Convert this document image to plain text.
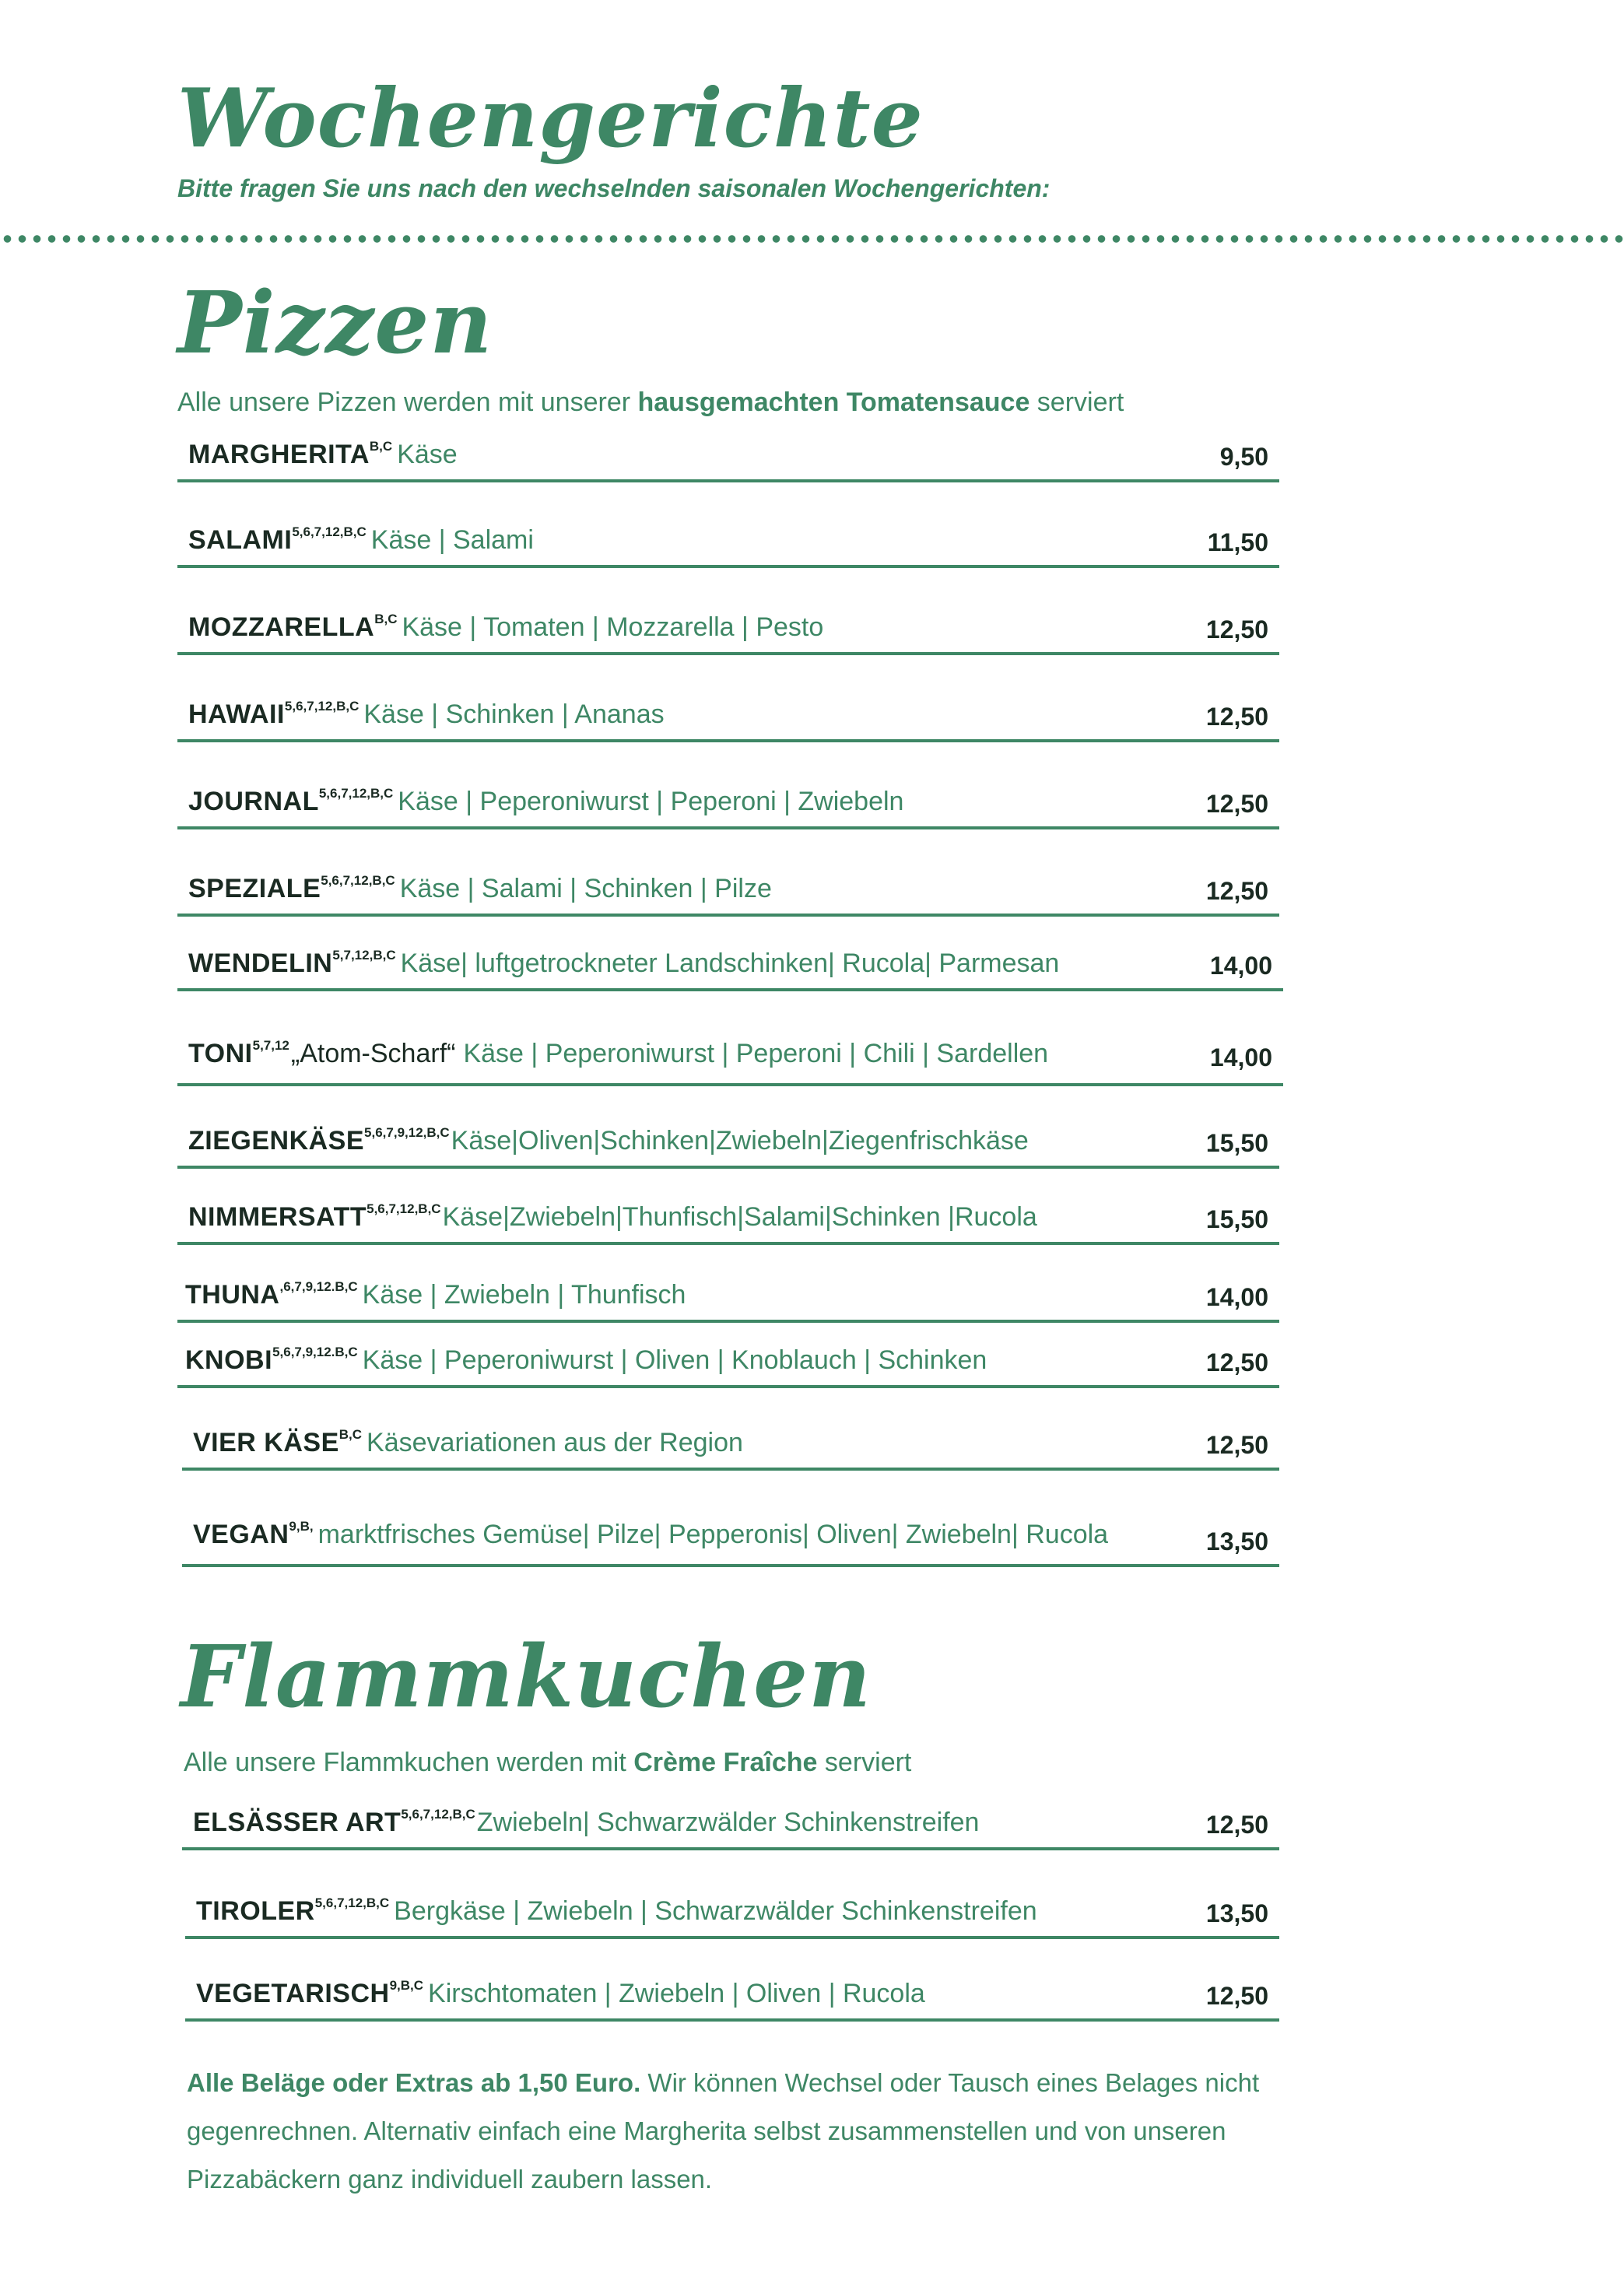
Wochengerichte
Bitte fragen Sie uns nach den wechselnden saisonalen Wochengerichten:
Pizzen
Alle unsere Pizzen werden mit unserer hausgemachten Tomatensauce serviert
$MARGHERITA^{B,C}$ Käse	9,50
$SALAMI^{5,6,7,12,B,C}$ Käse | Salami	11,50
$MOZZARELLA^{B,C}$ Käse | Tomaten | Mozzarella | Pesto	12,50
$HAWAII^{5,6,7,12,B,C}$ Käse | Schinken | Ananas	12,50
$JOURNAL^{5,6,7,12,B,C}$ Käse | Peperoniwurst | Peperoni | Zwiebeln	12,50
$SPEZIALE^{5,6,7,12,B,C}$ Käse | Salami | Schinken | Pilze	12,50
$WENDELIN^{5,7,12,B,C}$ Käse| luftgetrockneter Landschinken| Rucola| Parmesan	14,00
TONI$^{5,7,12}$„Atom-Scharf“ Käse | Peperoniwurst | Peperoni | Chili | Sardellen	14,00
$ZIEGENKÄSE^{5,6,7,9,12,B,C}Käse|Oliven|Schinken|Zwiebeln|Ziegenfrischkäse$	15,50
$NIMMERSATT^{5,6,7,12,B,C}Käse|Zwiebeln|Thunfisch|Salami|Schinken$ |Rucola	15,50
$THUNA^{,6,7,9,12.B,C}$ Käse | Zwiebeln | Thunfisch	14,00
$KNOBI^{5,6,7,9,12.B,C}$ Käse | Peperoniwurst | Oliven | Knoblauch | Schinken	12,50
VIER $KÄSE^{B,C}$ Käsevariationen aus der Region	12,50
$VEGAN^{9,B,}$ marktfrisches Gemüse| Pilze| Pepperonis| Oliven| Zwiebeln| Rucola	13,50
Flammkuchen
Alle unsere Flammkuchen werden mit Crème Fraîche serviert
ELSÄSSER $ART^{5,6,7,12,B,C}Zwiebeln|$ Schwarzwälder Schinkenstreifen	12,50
$TIROLER^{5,6,7,12,B,C}$ Bergkäse | Zwiebeln | Schwarzwälder Schinkenstreifen	13,50
$VEGETARISCH^{9,B,C}$ Kirschtomaten | Zwiebeln | Oliven | Rucola	12,50

Alle Beläge oder Extras ab 1,50 Euro. Wir können Wechsel oder Tausch eines Belages nicht gegenrechnen. Alternativ einfach eine Margherita selbst zusammenstellen und von unseren Pizzabäckern ganz individuell zaubern lassen.
